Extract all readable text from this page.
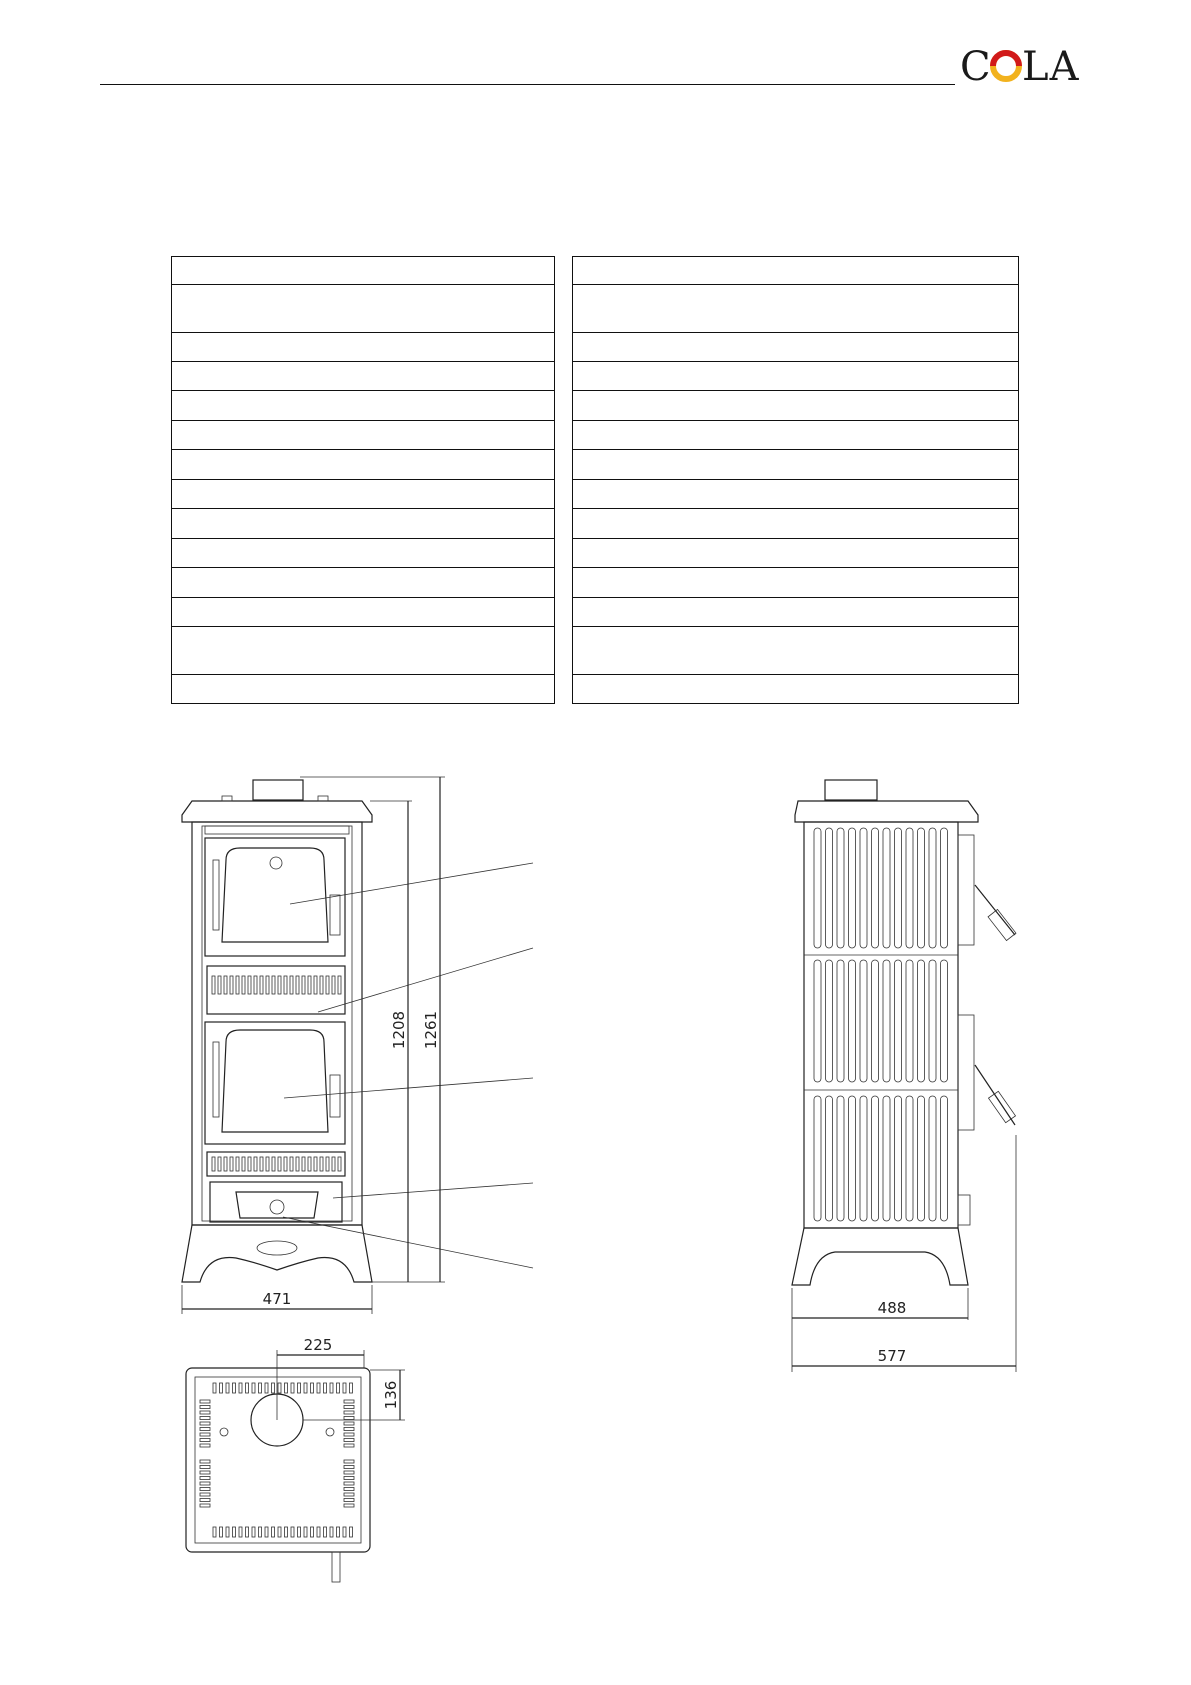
C LA
COLA

1208 1261
471
225
136
488
577
